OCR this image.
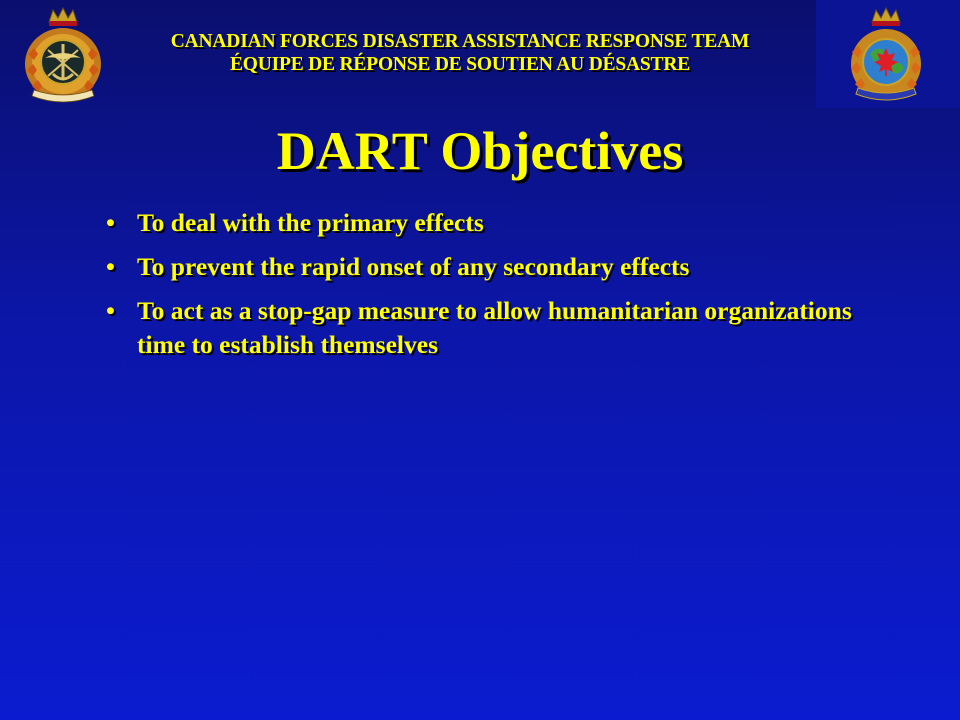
CANADIAN FORCES DISASTER ASSISTANCE RESPONSE TEAM
ÉQUIPE DE RÉPONSE DE SOUTIEN AU DÉSASTRE
DART Objectives
• To deal with the primary effects
• To prevent the rapid onset of any secondary effects
• To act as a stop-gap measure to allow humanitarian organizations time to establish themselves
